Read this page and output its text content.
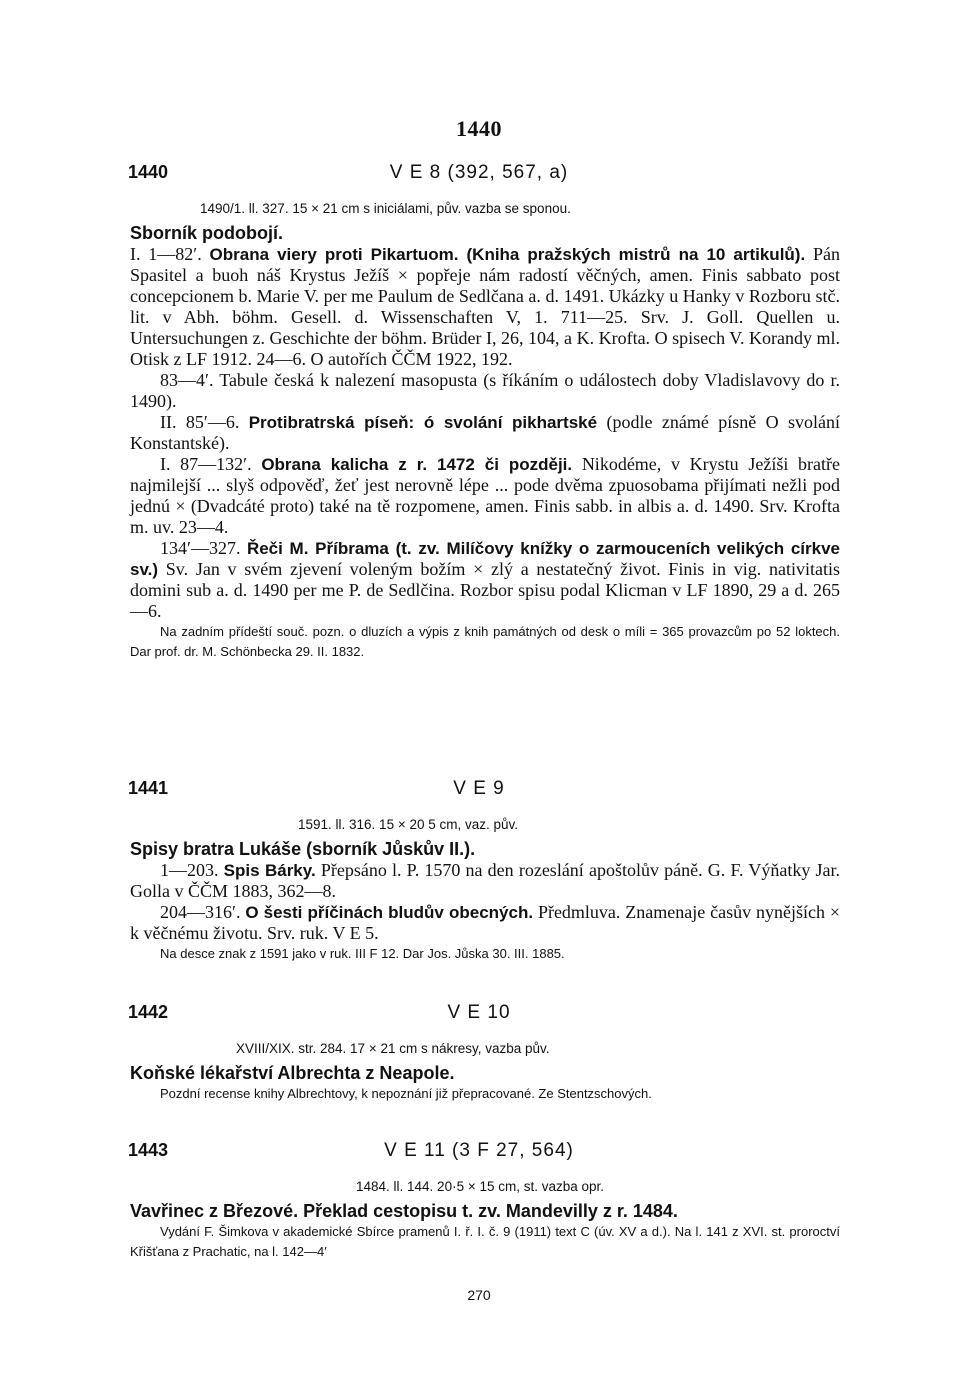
1440
1440	V E 8 (392, 567, a)
1490/1. ll. 327. 15 × 21 cm s iniciálami, pův. vazba se sponou.
Sborník podobojí.

I. 1—82′. Obrana viery proti Pikartuom. (Kniha pražských mistrů na 10 artikulů). Pán Spasitel a buoh náš Krystus Ježíš × popřeje nám radostí věčných, amen. Finis sabbato post concepcionem b. Marie V. per me Paulum de Sedlčana a. d. 1491. Ukázky u Hanky v Rozboru stč. lit. v Abh. böhm. Gesell. d. Wissenschaften V, 1. 711—25. Srv. J. Goll. Quellen u. Untersuchungen z. Geschichte der böhm. Brüder I, 26, 104, a K. Krofta. O spisech V. Korandy ml. Otisk z LF 1912. 24—6. O autořích ČČM 1922, 192.

83—4′. Tabule česká k nalezení masopusta (s říkáním o událostech doby Vladislavovy do r. 1490).

II. 85′—6. Protibratrská píseň: ó svolání pikhartské (podle známé písně O svolání Konstantské).

I. 87—132′. Obrana kalicha z r. 1472 či později. Nikodéme, v Krystu Ježíši bratře najmilejší ... slyš odpověď, žeť jest nerovně lépe ... pode dvěma zpuosobama přijímati nežli pod jednú × (Dvadcáté proto) také na tě rozpomene, amen. Finis sabb. in albis a. d. 1490. Srv. Krofta m. uv. 23—4.

134′—327. Řeči M. Příbrama (t. zv. Milíčovy knížky o zarmouceních velikých církve sv.) Sv. Jan v svém zjevení voleným božím × zlý a nestatečný život. Finis in vig. nativitatis domini sub a. d. 1490 per me P. de Sedlčina. Rozbor spisu podal Klicman v LF 1890, 29 a d. 265—6.

Na zadním přídeští souč. pozn. o dluzích a výpis z knih památných od desk o míli = 365 provazcům po 52 loktech. Dar prof. dr. M. Schönbecka 29. II. 1832.

1441	V E 9
1591. ll. 316. 15 × 20 5 cm, vaz. pův.
Spisy bratra Lukáše (sborník Jůskův II.).

1—203. Spis Bárky. Přepsáno l. P. 1570 na den rozeslání apoštolův páně. G. F. Výňatky Jar. Golla v ČČM 1883, 362—8.

204—316′. O šesti příčinách bludův obecných. Předmluva. Znamenaje časův nynějších × k věčnému životu. Srv. ruk. V E 5.

Na desce znak z 1591 jako v ruk. III F 12. Dar Jos. Jůska 30. III. 1885.

1442	V E 10
XVIII/XIX. str. 284. 17 × 21 cm s nákresy, vazba pův.
Koňské lékařství Albrechta z Neapole.

Pozdní recense knihy Albrechtovy, k nepoznání již přepracované. Ze Stentzschových.

1443	V E 11 (3 F 27, 564)
1484. ll. 144. 20·5 × 15 cm, st. vazba opr.
Vavřinec z Březové. Překlad cestopisu t. zv. Mandevilly z r. 1484.

Vydání F. Šimkova v akademické Sbírce pramenů I. ř. I. č. 9 (1911) text C (úv. XV a d.). Na l. 141 z XVI. st. proroctví Křišťana z Prachatic, na l. 142—4′

270
